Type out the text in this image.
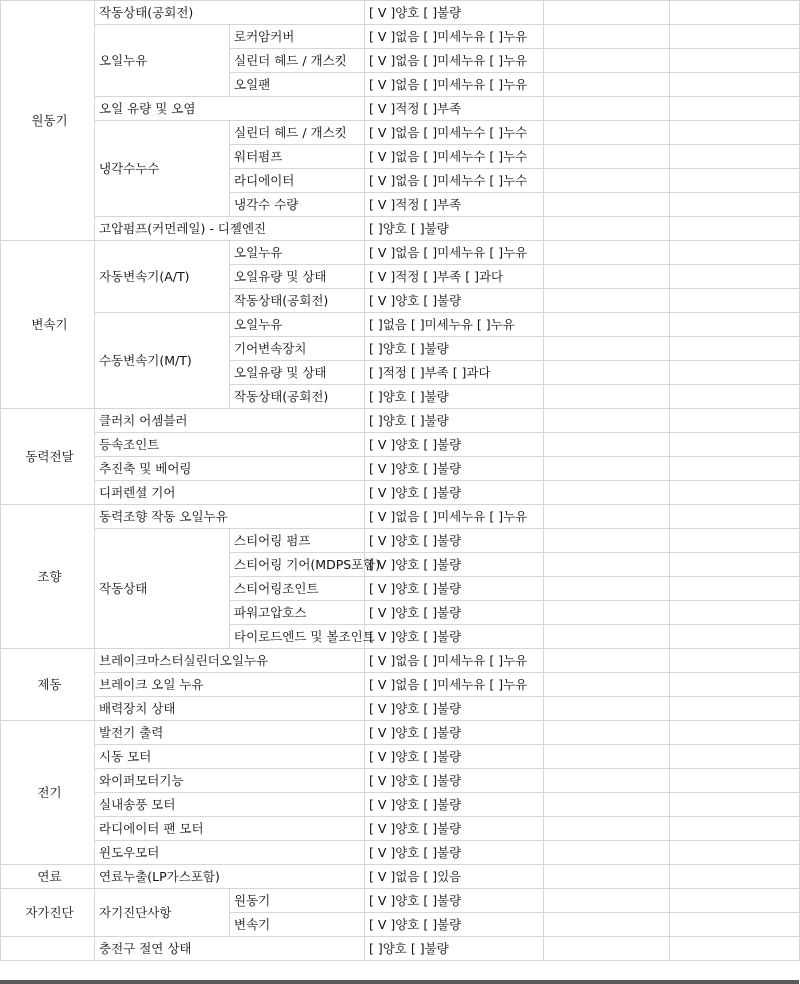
원동기	작동상태(공회전)		[ V ]양호 [ ]불량		
	오일누유	로커암커버	[ V ]없음 [ ]미세누유 [ ]누유		
		실린더 헤드 / 개스킷	[ V ]없음 [ ]미세누유 [ ]누유		
		오일팬	[ V ]없음 [ ]미세누유 [ ]누유		
	오일 유량 및 오염		[ V ]적정 [ ]부족		
	냉각수누수	실린더 헤드 / 개스킷	[ V ]없음 [ ]미세누수 [ ]누수		
		워터펌프	[ V ]없음 [ ]미세누수 [ ]누수		
		라디에이터	[ V ]없음 [ ]미세누수 [ ]누수		
		냉각수 수량	[ V ]적정 [ ]부족		
	고압펌프(커먼레일) - 디젤엔진		[ ]양호 [ ]불량		
변속기	자동변속기(A/T)	오일누유	[ V ]없음 [ ]미세누유 [ ]누유		
		오일유량 및 상태	[ V ]적정 [ ]부족 [ ]과다		
		작동상태(공회전)	[ V ]양호 [ ]불량		
	수동변속기(M/T)	오일누유	[ ]없음 [ ]미세누유 [ ]누유		
		기어변속장치	[ ]양호 [ ]불량		
		오일유량 및 상태	[ ]적정 [ ]부족 [ ]과다		
		작동상태(공회전)	[ ]양호 [ ]불량		
동력전달	클러치 어셈블러		[ ]양호 [ ]불량		
	등속조인트		[ V ]양호 [ ]불량		
	추진축 및 베어링		[ V ]양호 [ ]불량		
	디퍼렌셜 기어		[ V ]양호 [ ]불량		
조향	동력조향 작동 오일누유		[ V ]없음 [ ]미세누유 [ ]누유		
	작동상태	스티어링 펌프	[ V ]양호 [ ]불량		
		스티어링 기어(MDPS포함)	[ V ]양호 [ ]불량		
		스티어링조인트	[ V ]양호 [ ]불량		
		파워고압호스	[ V ]양호 [ ]불량		
		타이로드엔드 및 볼조인트	[ V ]양호 [ ]불량		
제동	브레이크마스터실린더오일누유		[ V ]없음 [ ]미세누유 [ ]누유		
	브레이크 오일 누유		[ V ]없음 [ ]미세누유 [ ]누유		
	배력장치 상태		[ V ]양호 [ ]불량		
전기	발전기 출력		[ V ]양호 [ ]불량		
	시동 모터		[ V ]양호 [ ]불량		
	와이퍼모터기능		[ V ]양호 [ ]불량		
	실내송풍 모터		[ V ]양호 [ ]불량		
	라디에이터 팬 모터		[ V ]양호 [ ]불량		
	윈도우모터		[ V ]양호 [ ]불량		
연료	연료누출(LP가스포함)		[ V ]없음 [ ]있음		
자가진단	자기진단사항	원동기	[ V ]양호 [ ]불량		
		변속기	[ V ]양호 [ ]불량		
	충전구 절연 상태		[ ]양호 [ ]불량		
